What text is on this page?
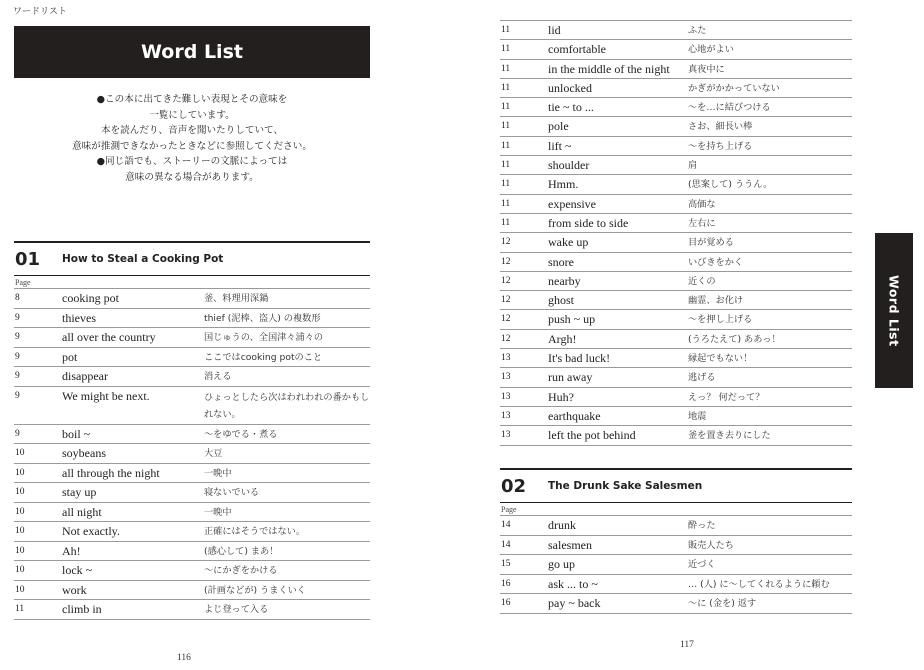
ワードリスト
Word List
●この本に出てきた難しい表現とその意味を
一覧にしています。
本を読んだり、音声を聞いたりしていて、
意味が推測できなかったときなどに参照してください。
●同じ語でも、ストーリーの文脈によっては
意味の異なる場合があります。
01	How to Steal a Cooking Pot
Page
8	cooking pot	釜、料理用深鍋
9	thieves	thief (泥棒、盗人) の複数形
9	all over the country	国じゅうの、全国津々浦々の
9	pot	ここではcooking potのこと
9	disappear	消える
9	We might be next.	ひょっとしたら次はわれわれの番かもしれない。
9	boil ~	〜をゆでる・煮る
10	soybeans	大豆
10	all through the night	一晩中
10	stay up	寝ないでいる
10	all night	一晩中
10	Not exactly.	正確にはそうではない。
10	Ah!	(感心して) まあ！
10	lock ~	〜にかぎをかける
10	work	(計画などが) うまくいく
11	climb in	よじ登って入る
11	lid	ふた
11	comfortable	心地がよい
11	in the middle of the night	真夜中に
11	unlocked	かぎがかかっていない
11	tie ~ to ...	〜を…に結びつける
11	pole	さお、細長い棒
11	lift ~	〜を持ち上げる
11	shoulder	肩
11	Hmm.	(思案して) ううん。
11	expensive	高価な
11	from side to side	左右に
12	wake up	目が覚める
12	snore	いびきをかく
12	nearby	近くの
12	ghost	幽霊、お化け
12	push ~ up	〜を押し上げる
12	Argh!	(うろたえて) ああっ！
13	It's bad luck!	縁起でもない！
13	run away	逃げる
13	Huh?	えっ？ 何だって？
13	earthquake	地震
13	left the pot behind	釜を置き去りにした
02	The Drunk Sake Salesmen
Page
14	drunk	酔った
14	salesmen	販売人たち
15	go up	近づく
16	ask ... to ~	… (人) に〜してくれるように頼む
16	pay ~ back	〜に (金を) 返す
116
117
Word List
